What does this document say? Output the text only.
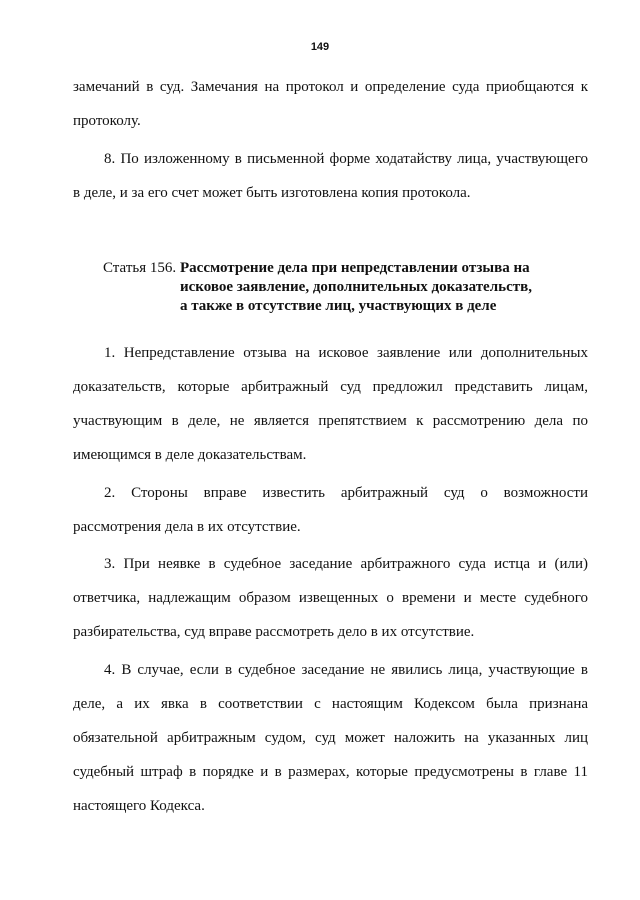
149
замечаний в суд. Замечания на протокол и определение суда приобщаются к
протоколу.
8. По изложенному в письменной форме ходатайству лица, участвующего
в деле, и за его счет может быть изготовлена копия протокола.
Статья 156. Рассмотрение дела при непредставлении отзыва на
исковое заявление, дополнительных доказательств,
а также в отсутствие лиц, участвующих в деле
1. Непредставление отзыва на исковое заявление или дополнительных
доказательств, которые арбитражный суд предложил представить лицам,
участвующим в деле, не является препятствием к рассмотрению дела по
имеющимся в деле доказательствам.
2. Стороны вправе известить арбитражный суд о возможности
рассмотрения дела в их отсутствие.
3. При неявке в судебное заседание арбитражного суда истца и (или)
ответчика, надлежащим образом извещенных о времени и месте судебного
разбирательства, суд вправе рассмотреть дело в их отсутствие.
4. В случае, если в судебное заседание не явились лица, участвующие в
деле, а их явка в соответствии с настоящим Кодексом была признана
обязательной арбитражным судом, суд может наложить на указанных лиц
судебный штраф в порядке и в размерах, которые предусмотрены в главе 11
настоящего Кодекса.
